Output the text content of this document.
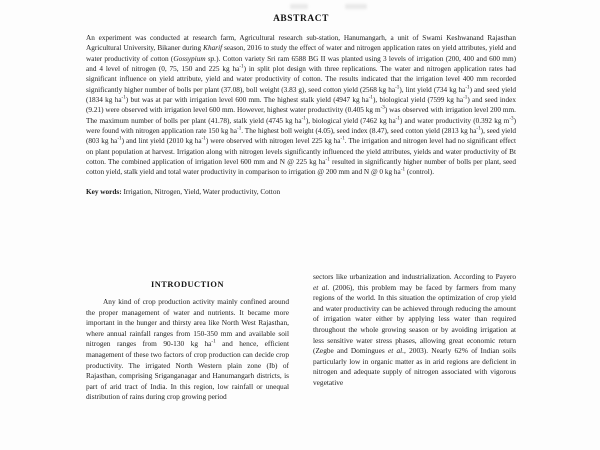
ABSTRACT

An experiment was conducted at research farm, Agricultural research sub-station, Hanumangarh, a unit of Swami Keshwanand Rajasthan Agricultural University, Bikaner during Kharif season, 2016 to study the effect of water and nitrogen application rates on yield attributes, yield and water productivity of cotton (Gossypium sp.). Cotton variety Sri ram 6588 BG II was planted using 3 levels of irrigation (200, 400 and 600 mm) and 4 level of nitrogen (0, 75, 150 and 225 kg $ha^{-1}$) in split plot design with three replications. The water and nitrogen application rates had significant influence on yield attribute, yield and water productivity of cotton. The results indicated that the irrigation level 400 mm recorded significantly higher number of bolls per plant (37.08), boll weight (3.83 g), seed cotton yield (2568 kg $ha^{-1}$), lint yield (734 kg $ha^{-1}$) and seed yield (1834 kg $ha^{-1}$) but was at par with irrigation level 600 mm. The highest stalk yield (4947 kg $ha^{-1}$), biological yield (7599 kg $ha^{-1}$) and seed index (9.21) were observed with irrigation level 600 mm. However, highest water productivity (0.405 kg $m^{-3}$) was observed with irrigation level 200 mm. The maximum number of bolls per plant (41.78), stalk yield (4745 kg $ha^{-1}$), biological yield (7462 kg $ha^{-1}$) and water productivity (0.392 kg $m^{-3}$) were found with nitrogen application rate 150 kg $ha^{-1}$. The highest boll weight (4.05), seed index (8.47), seed cotton yield (2813 kg $ha^{-1}$), seed yield (803 kg $ha^{-1}$) and lint yield (2010 kg $ha^{-1}$) were observed with nitrogen level 225 kg $ha^{-1}$. The irrigation and nitrogen level had no significant effect on plant population at harvest. Irrigation along with nitrogen levels significantly influenced the yield attributes, yields and water productivity of Bt cotton. The combined application of irrigation level 600 mm and N @ 225 kg $ha^{-1}$ resulted in significantly higher number of bolls per plant, seed cotton yield, stalk yield and total water productivity in comparison to irrigation @ 200 mm and N @ 0 kg $ha^{-1}$ (control).

Key words: Irrigation, Nitrogen, Yield, Water productivity, Cotton

INTRODUCTION

Any kind of crop production activity mainly confined around the proper management of water and nutrients. It became more important in the hunger and thirsty area like North West Rajasthan, where annual rainfall ranges from 150-350 mm and available soil nitrogen ranges from 90-130 kg $ha^{-1}$ and hence, efficient management of these two factors of crop production can decide crop productivity. The irrigated North Western plain zone (Ib) of Rajasthan, comprising Sriganganagar and Hanumangarh districts, is part of arid tract of India. In this region, low rainfall or unequal distribution of rains during crop growing period

sectors like urbanization and industrialization. According to Payero et al. (2006), this problem may be faced by farmers from many regions of the world. In this situation the optimization of crop yield and water productivity can be achieved through reducing the amount of irrigation water either by applying less water than required throughout the whole growing season or by avoiding irrigation at less sensitive water stress phases, allowing great economic return (Zegbe and Domingues et al., 2003). Nearly 62% of Indian soils particularly low in organic matter as in arid regions are deficient in nitrogen and adequate supply of nitrogen associated with vigorous vegetative
